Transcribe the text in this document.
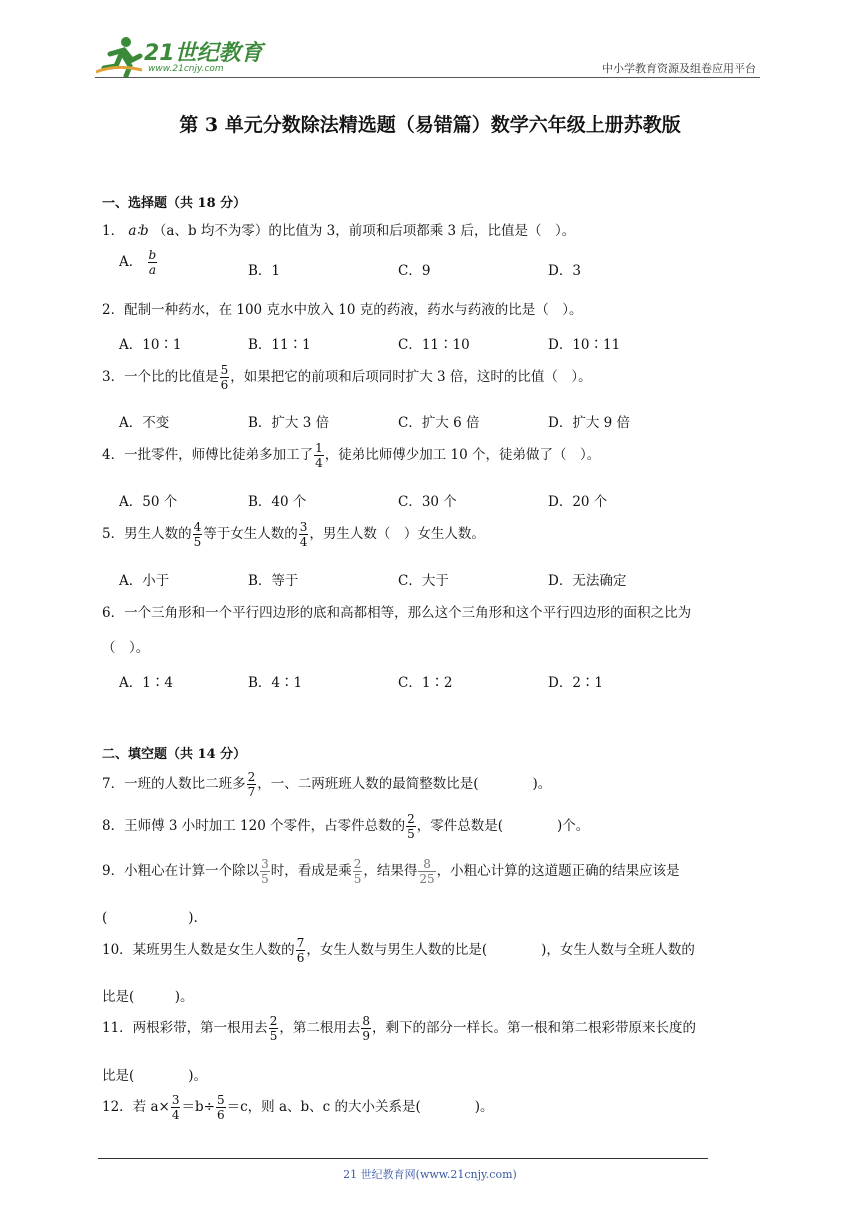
21世纪教育
www.21cnjy.com	中小学教育资源及组卷应用平台
第 3 单元分数除法精选题（易错篇）数学六年级上册苏教版
一、选择题（共 18 分）
1． a∶b （a、b 均不为零）的比值为 3，前项和后项都乘 3 后，比值是（　）。
A． $\frac{b}{a}$	B．1	C．9	D．3
2．配制一种药水，在 100 克水中放入 10 克的药液，药水与药液的比是（　）。
A．10∶1	B．11∶1	C．11∶10	D．10∶11
3．一个比的比值是 $\frac{5}{6}$ ，如果把它的前项和后项同时扩大 3 倍，这时的比值（　）。
A．不变	B．扩大 3 倍	C．扩大 6 倍	D．扩大 9 倍
4．一批零件，师傅比徒弟多加工了 $\frac{1}{4}$ ，徒弟比师傅少加工 10 个，徒弟做了（　）。
A．50 个	B．40 个	C．30 个	D．20 个
5．男生人数的 $\frac{4}{5}$ 等于女生人数的 $\frac{3}{4}$ ，男生人数（　）女生人数。
A．小于	B．等于	C．大于	D．无法确定
6．一个三角形和一个平行四边形的底和高都相等，那么这个三角形和这个平行四边形的面积之比为
（　）。
A．1∶4	B．4∶1	C．1∶2	D．2∶1
二、填空题（共 14 分）
7．一班的人数比二班多 $\frac{2}{7}$ ，一、二两班班人数的最简整数比是(　　　　)。
8．王师傅 3 小时加工 120 个零件，占零件总数的 $\frac{2}{5}$ ，零件总数是(　　　　)个。
9．小粗心在计算一个除以 $\frac{3}{5}$ 时，看成是乘 $\frac{2}{5}$ ，结果得 $\frac{8}{25}$ ，小粗心计算的这道题正确的结果应该是
(　　　　　　).
10．某班男生人数是女生人数的 $\frac{7}{6}$ ，女生人数与男生人数的比是(　　　　)，女生人数与全班人数的
比是(　　　)。
11．两根彩带，第一根用去 $\frac{2}{5}$ ，第二根用去 $\frac{8}{9}$ ，剩下的部分一样长。第一根和第二根彩带原来长度的
比是(　　　　)。
12．若 $a\times \frac{3}{4} =b\div \frac{5}{6} =c$，则 a、b、c 的大小关系是(　　　　)。
21 世纪教育网(www.21cnjy.com)
